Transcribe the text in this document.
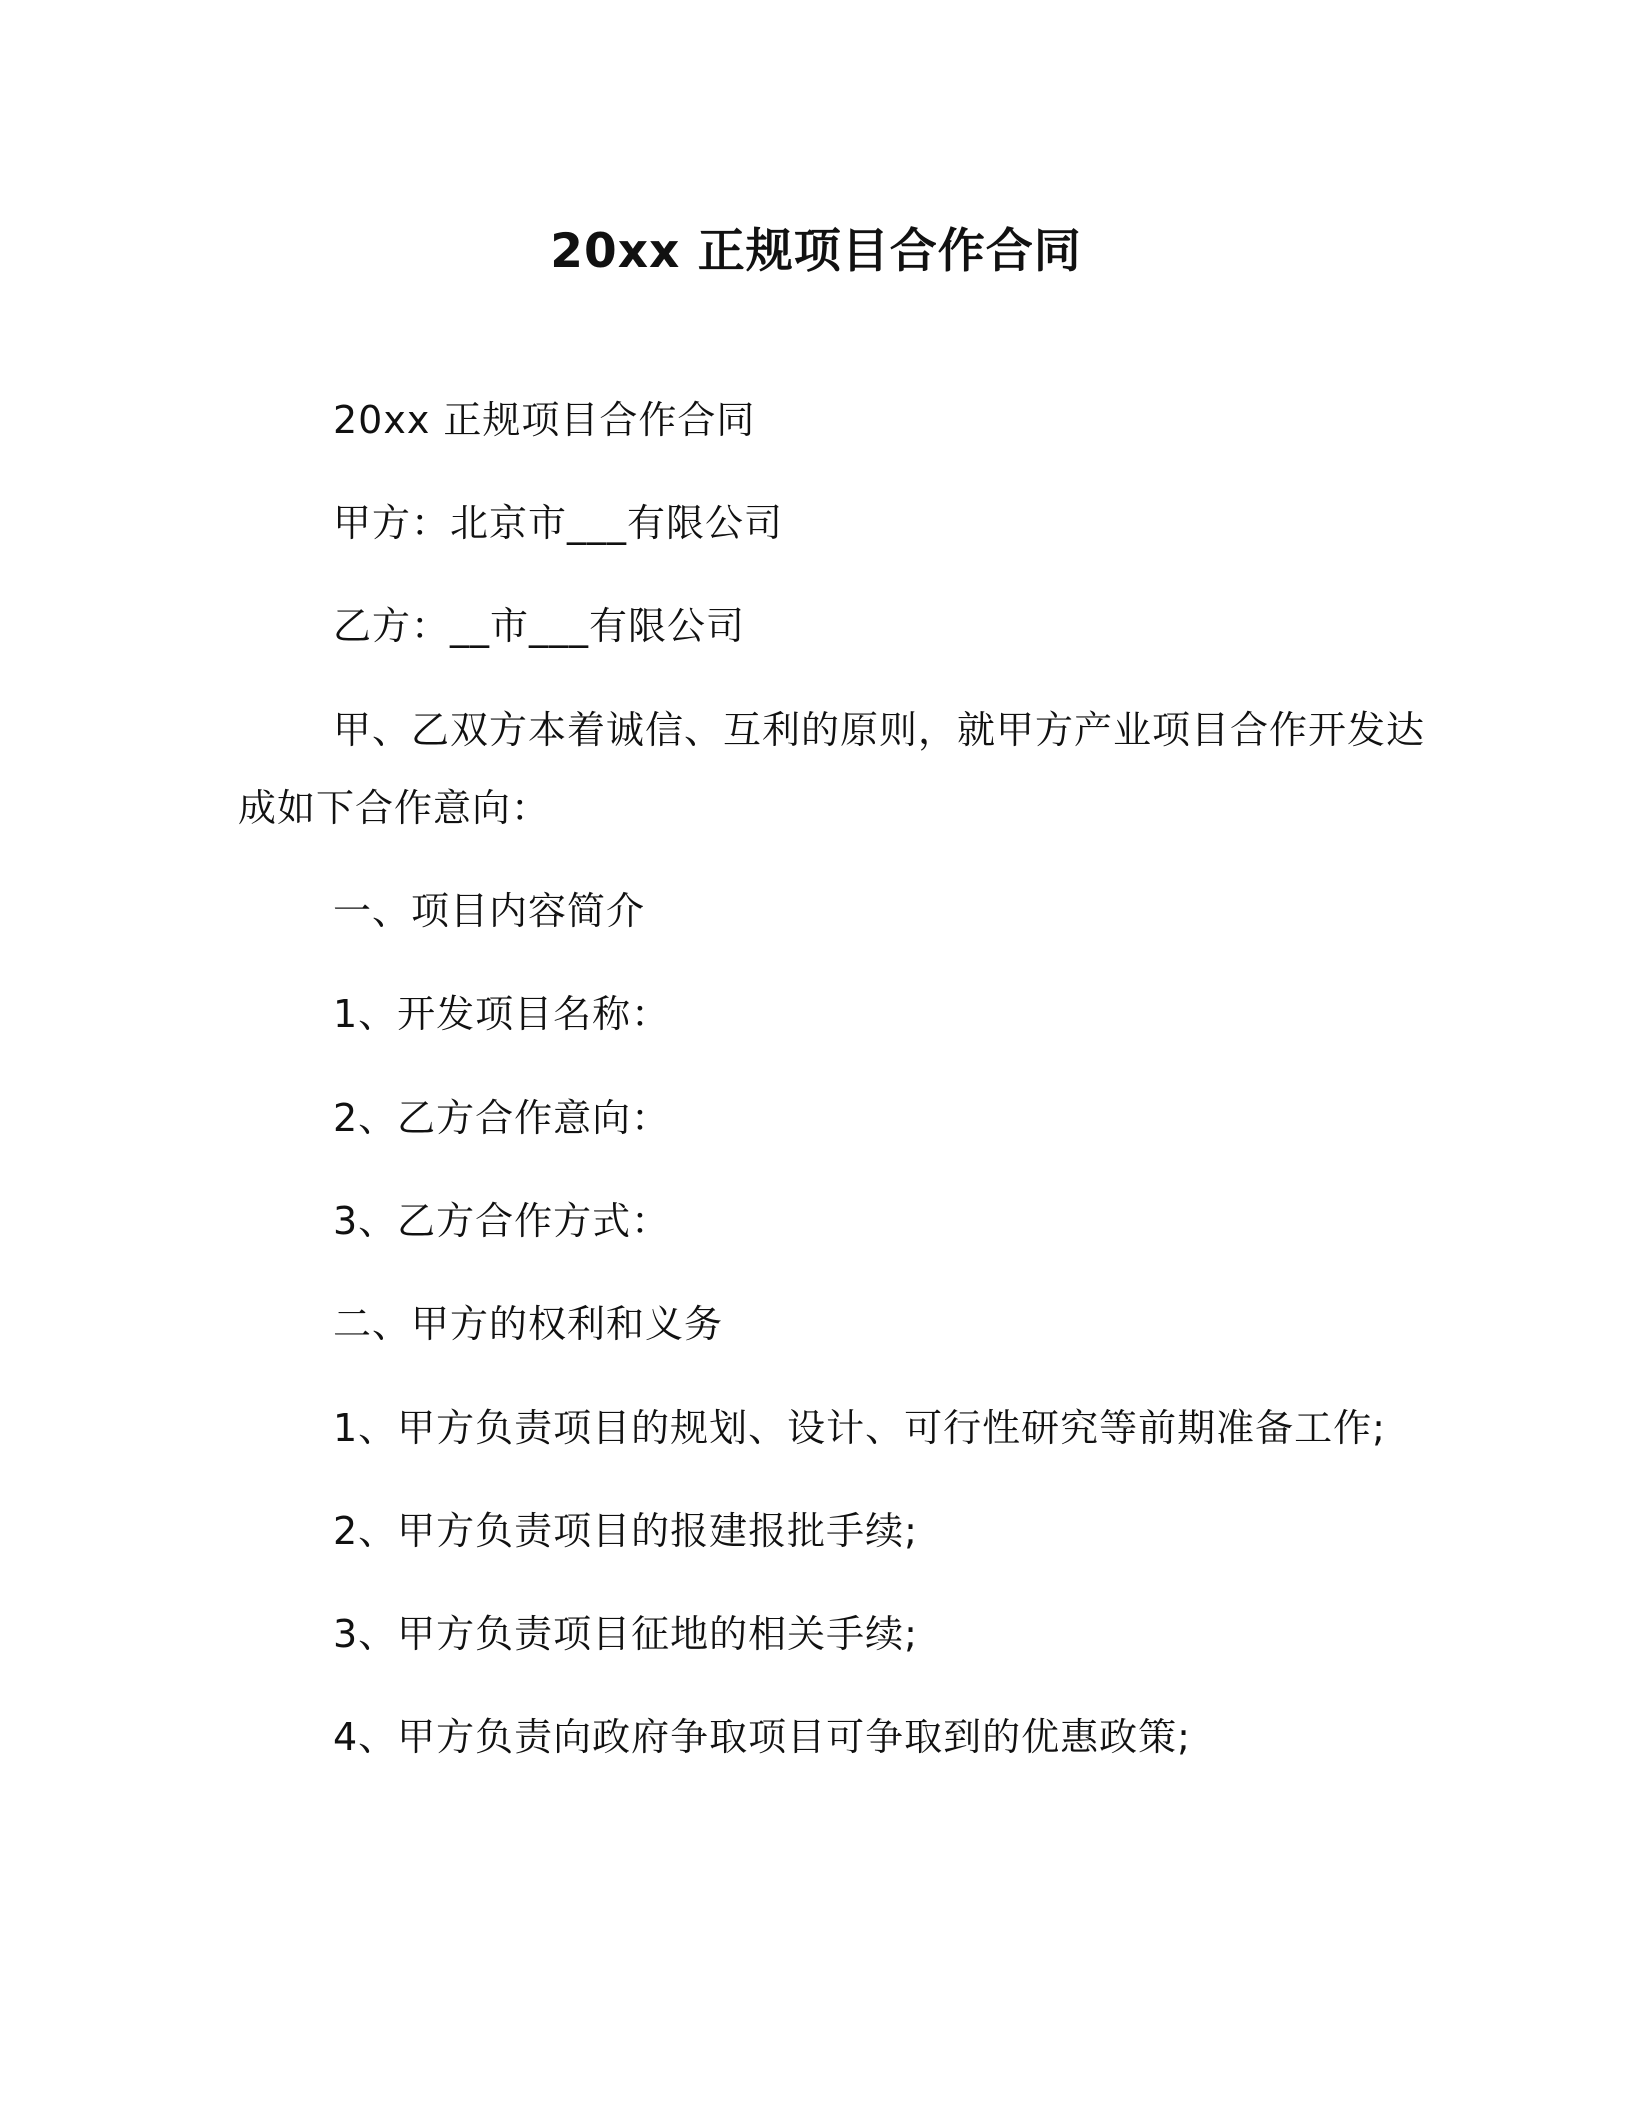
20xx 正规项目合作合同
20xx 正规项目合作合同
甲方：北京市___有限公司
乙方：__市___有限公司
甲、乙双方本着诚信、互利的原则，就甲方产业项目合作开发达
成如下合作意向：
一、项目内容简介
1、开发项目名称：
2、乙方合作意向：
3、乙方合作方式：
二、甲方的权利和义务
1、甲方负责项目的规划、设计、可行性研究等前期准备工作;
2、甲方负责项目的报建报批手续;
3、甲方负责项目征地的相关手续;
4、甲方负责向政府争取项目可争取到的优惠政策;
